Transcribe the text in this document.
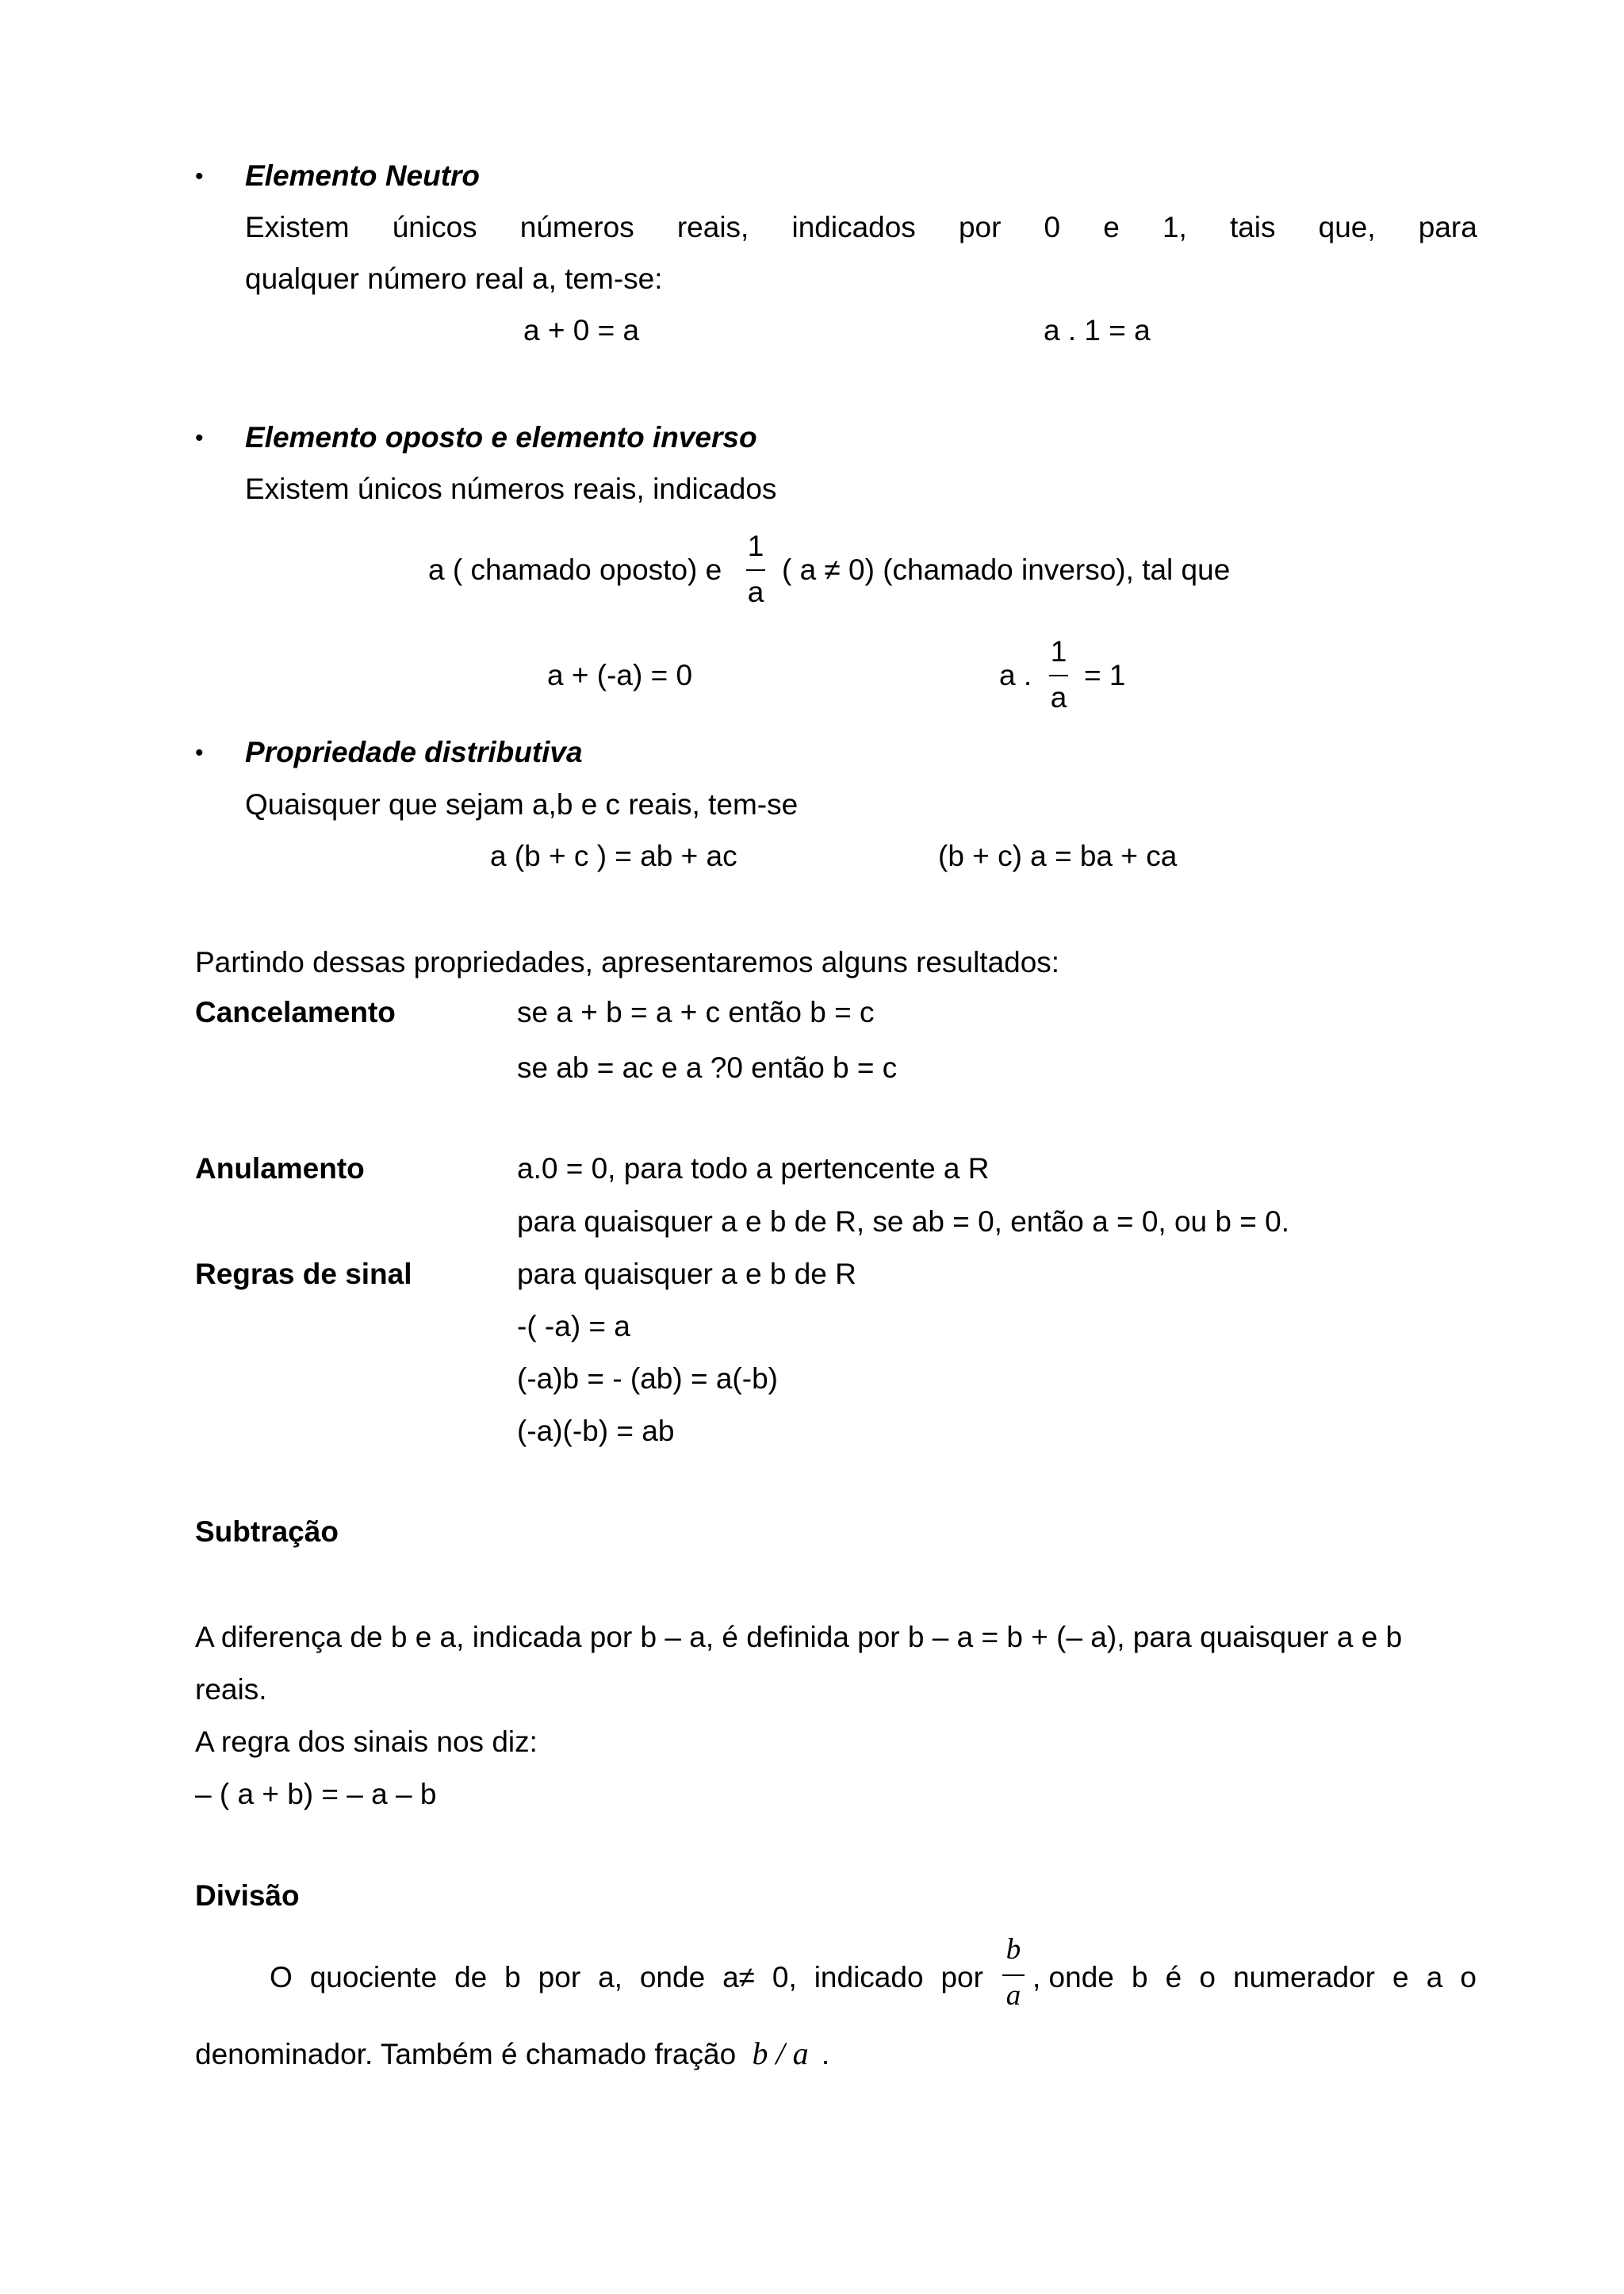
• Elemento Neutro
Existem únicos números reais, indicados por 0 e 1, tais que, para
qualquer número real a, tem-se:
a + 0 = a	a . 1 = a
• Elemento oposto e elemento inverso
Existem únicos números reais, indicados
a ( chamado oposto) e
1
a
( a ≠ 0) (chamado inverso), tal que
a + (-a) = 0	a .
1
a
= 1
• Propriedade distributiva
Quaisquer que sejam a,b e c reais, tem-se
a (b + c ) = ab + ac	(b + c) a = ba + ca
Partindo dessas propriedades, apresentaremos alguns resultados:
Cancelamento	se a + b = a + c então b = c
se ab = ac e a ?0 então b = c
Anulamento	a.0 = 0, para todo a pertencente a R
para quaisquer a e b de R, se ab = 0, então a = 0, ou b = 0.
Regras de sinal	para quaisquer a e b de R
-( -a) = a
(-a)b = - (ab) = a(-b)
(-a)(-b) = ab
Subtração
A diferença de b e a, indicada por b – a, é definida por b – a = b + (– a), para quaisquer a e b
reais.
A regra dos sinais nos diz:
– ( a + b) = – a – b
Divisão
O quociente de b por a, onde a≠ 0, indicado por
b
a
, onde b é o numerador e a o
denominador. Também é chamado fração b / a .
